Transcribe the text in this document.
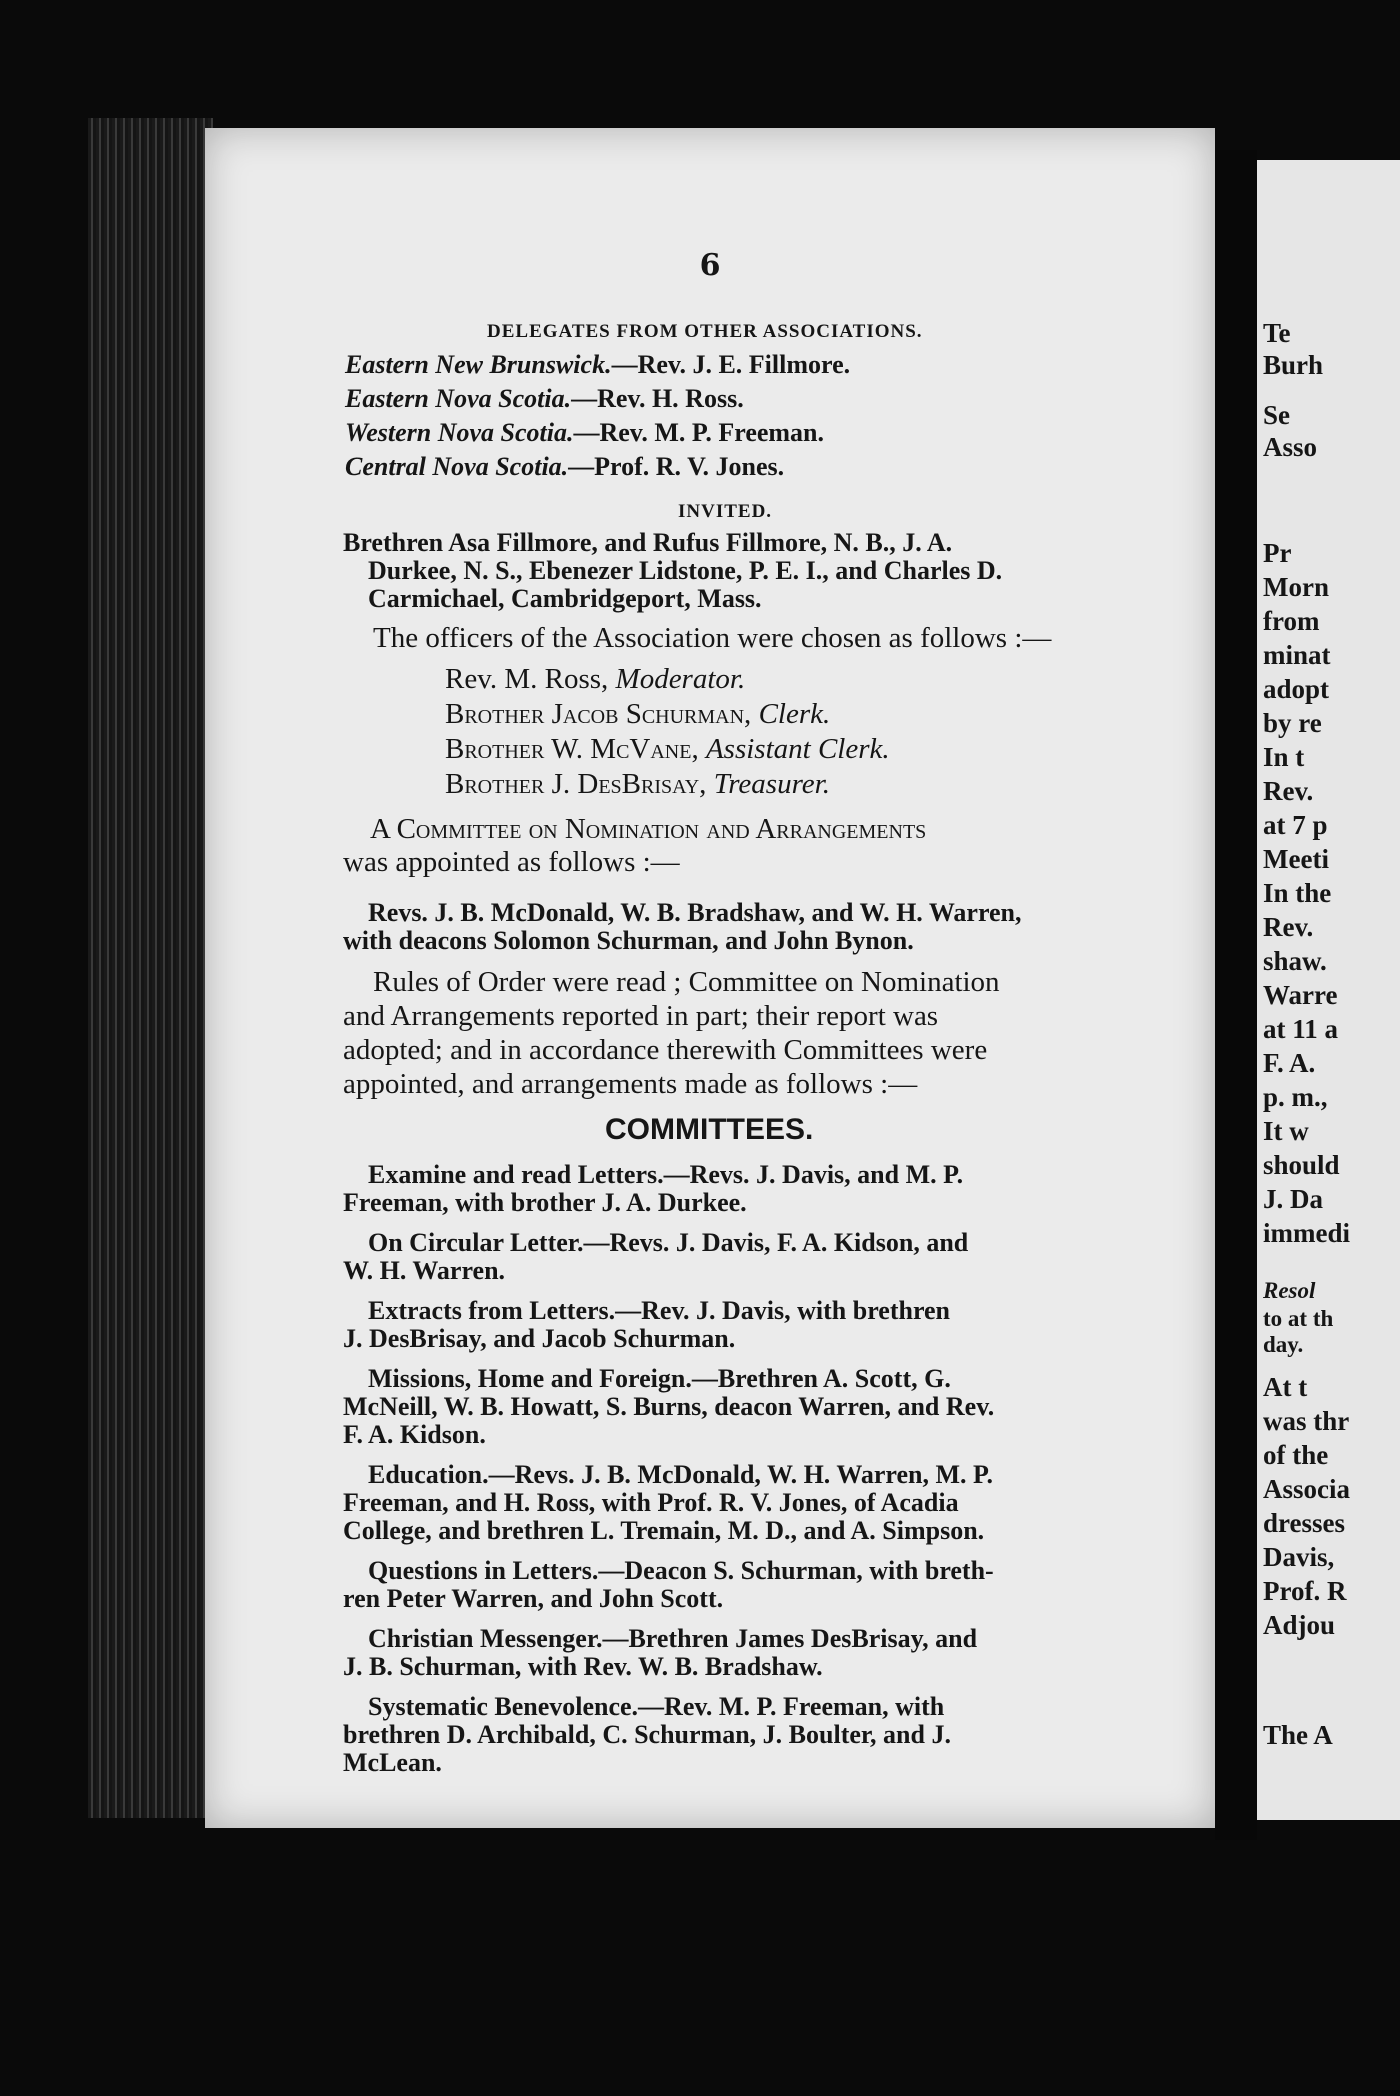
6
DELEGATES FROM OTHER ASSOCIATIONS.
Eastern New Brunswick.—Rev. J. E. Fillmore.
Eastern Nova Scotia.—Rev. H. Ross.
Western Nova Scotia.—Rev. M. P. Freeman.
Central Nova Scotia.—Prof. R. V. Jones.
INVITED.
Brethren Asa Fillmore, and Rufus Fillmore, N. B., J. A.
Durkee, N. S., Ebenezer Lidstone, P. E. I., and Charles D.
Carmichael, Cambridgeport, Mass.
The officers of the Association were chosen as follows :—
Rev. M. Ross, Moderator.
Brother Jacob Schurman, Clerk.
Brother W. McVane, Assistant Clerk.
Brother J. DesBrisay, Treasurer.
A Committee on Nomination and Arrangements
was appointed as follows :—
Revs. J. B. McDonald, W. B. Bradshaw, and W. H. Warren,
with deacons Solomon Schurman, and John Bynon.
Rules of Order were read ; Committee on Nomination
and Arrangements reported in part; their report was
adopted; and in accordance therewith Committees were
appointed, and arrangements made as follows :—
COMMITTEES.
Examine and read Letters.—Revs. J. Davis, and M. P.
Freeman, with brother J. A. Durkee.
On Circular Letter.—Revs. J. Davis, F. A. Kidson, and
W. H. Warren.
Extracts from Letters.—Rev. J. Davis, with brethren
J. DesBrisay, and Jacob Schurman.
Missions, Home and Foreign.—Brethren A. Scott, G.
McNeill, W. B. Howatt, S. Burns, deacon Warren, and Rev.
F. A. Kidson.
Education.—Revs. J. B. McDonald, W. H. Warren, M. P.
Freeman, and H. Ross, with Prof. R. V. Jones, of Acadia
College, and brethren L. Tremain, M. D., and A. Simpson.
Questions in Letters.—Deacon S. Schurman, with breth-
ren Peter Warren, and John Scott.
Christian Messenger.—Brethren James DesBrisay, and
J. B. Schurman, with Rev. W. B. Bradshaw.
Systematic Benevolence.—Rev. M. P. Freeman, with
brethren D. Archibald, C. Schurman, J. Boulter, and J.
McLean.
Te
Burh
Se
Asso
Pr
Morn
from
minat
adopt
by re
In t
Rev.
at 7 p
Meeti
In the
Rev.
shaw.
Warre
at 11 a
F. A.
p. m.,
It w
should
J. Da
immedi
Resol
to at th
day.
At t
was thr
of the
Associa
dresses
Davis,
Prof. R
Adjou
The A
